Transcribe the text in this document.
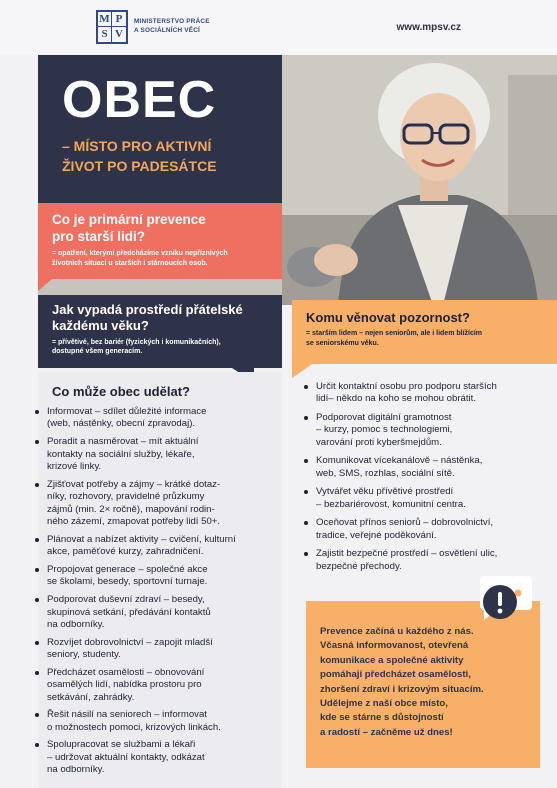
M P
S V
MINISTERSTVO PRÁCE
A SOCIÁLNÍCH VĚCÍ	www.mpsv.cz
OBEC
– MÍSTO PRO AKTIVNÍ
ŽIVOT PO PADESÁTCE
Co je primární prevence
pro starší lidi?

= opatření, kterými předcházíme vzniku nepříznivých
životních situací u starších i stárnoucích osob.

Jak vypadá prostředí přátelské
každému věku?

= přívětivé, bez bariér (fyzických i komunikačních),
dostupné všem generacím.

Komu věnovat pozornost?

= starším lidem – nejen seniorům, ale i lidem blížícím
se seniorskému věku.

Co může obec udělat?
Informovat – sdílet důležité informace
(web, nástěnky, obecní zpravodaj).
Poradit a nasměrovat – mít aktuální
kontakty na sociální služby, lékaře,
krizové linky.
Zjišťovat potřeby a zájmy – krátké dotaz-
níky, rozhovory, pravidelné průzkumy
zájmů (min. 2× ročně), mapování rodin-
ného zázemí, zmapovat potřeby lidí 50+.
Plánovat a nabízet aktivity – cvičení, kulturní
akce, paměťové kurzy, zahradničení.
Propojovat generace – společné akce
se školami, besedy, sportovní turnaje.
Podporovat duševní zdraví – besedy,
skupinová setkání, předávání kontaktů
na odborníky.
Rozvíjet dobrovolnictví – zapojit mladší
seniory, studenty.
Předcházet osamělosti – obnovování
osamělých lidí, nabídka prostoru pro
setkávání, zahrádky.
Řešit násilí na seniorech – informovat
o možnostech pomoci, krizových linkách.
Spolupracovat se službami a lékaři
– udržovat aktuální kontakty, odkázat
na odborníky.
Určit kontaktní osobu pro podporu starších
lidí– někdo na koho se mohou obrátit.
Podporovat digitální gramotnost
– kurzy, pomoc s technologiemi,
varování proti kyberšmejdům.
Komunikovat vícekanálově – nástěnka,
web, SMS, rozhlas, sociální sítě.
Vytvářet věku přívětivé prostředí
– bezbariérovost, komunitní centra.
Oceňovat přínos seniorů – dobrovolnictví,
tradice, veřejné poděkování.
Zajistit bezpečné prostředí – osvětlení ulic,
bezpečné přechody.

Prevence začíná u každého z nás.
Včasná informovanost, otevřená
komunikace a společné aktivity
pomáhají předcházet osamělosti,
zhoršení zdraví i krizovým situacím.
Udělejme z naší obce místo,
kde se stárne s důstojností
a radostí – začněme už dnes!
